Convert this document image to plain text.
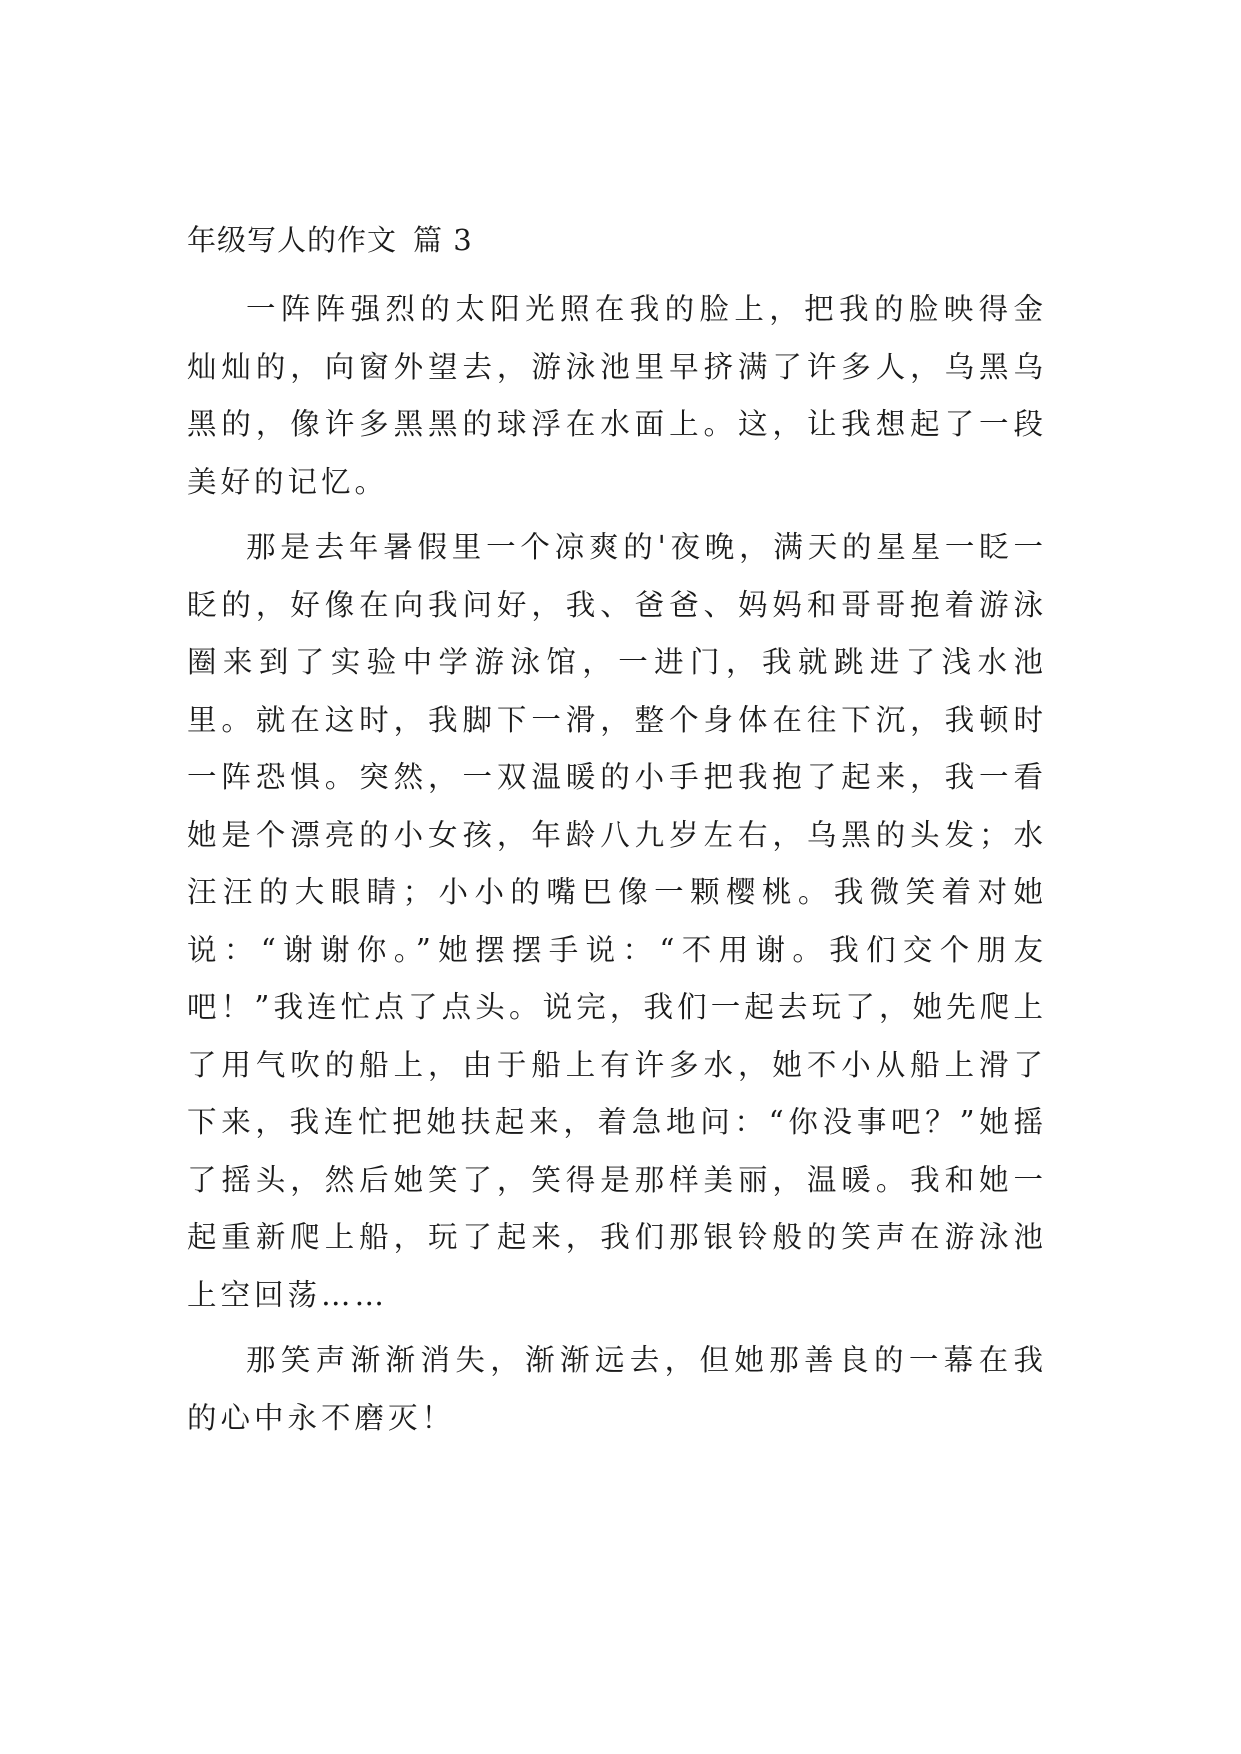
年级写人的作文 篇 3

一阵阵强烈的太阳光照在我的脸上，把我的脸映得金灿灿的，向窗外望去，游泳池里早挤满了许多人，乌黑乌黑的，像许多黑黑的球浮在水面上。这，让我想起了一段美好的记忆。

那是去年暑假里一个凉爽的'夜晚，满天的星星一眨一眨的，好像在向我问好，我、爸爸、妈妈和哥哥抱着游泳圈来到了实验中学游泳馆，一进门，我就跳进了浅水池里。就在这时，我脚下一滑，整个身体在往下沉，我顿时一阵恐惧。突然，一双温暖的小手把我抱了起来，我一看她是个漂亮的小女孩，年龄八九岁左右，乌黑的头发；水汪汪的大眼睛；小小的嘴巴像一颗樱桃。我微笑着对她说：“谢谢你。”她摆摆手说：“不用谢。我们交个朋友吧！”我连忙点了点头。说完，我们一起去玩了，她先爬上了用气吹的船上，由于船上有许多水，她不小从船上滑了下来，我连忙把她扶起来，着急地问：“你没事吧？”她摇了摇头，然后她笑了，笑得是那样美丽，温暖。我和她一起重新爬上船，玩了起来，我们那银铃般的笑声在游泳池上空回荡……

那笑声渐渐消失，渐渐远去，但她那善良的一幕在我的心中永不磨灭！
